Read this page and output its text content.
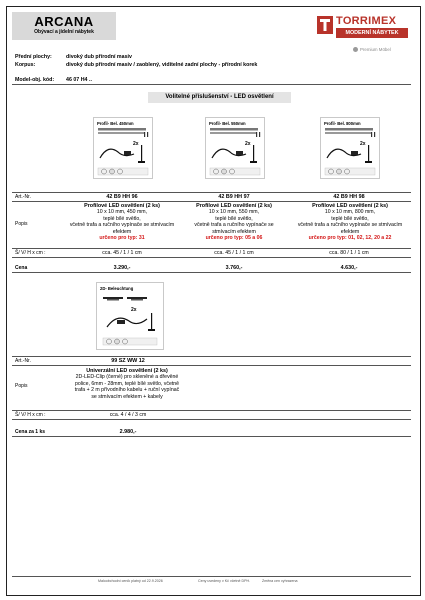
ARCANA
Obývací a jídelní nábytek
TORRIMEX
MODERNÍ NÁBYTEK
Premium Möbel
Přední plochy:	divoký dub přírodní masiv
Korpus:	divoký dub přírodní masiv / zaoblený, viditelné zadní plochy - přírodní korek
Model-obj. kód: 46 07 H4 ..
Volitelné příslušenství - LED osvětlení
Profil- Bel. 450mm
2x
Profil- Bel. 550mm
2x
Profil- Bel. 800mm
2x
Art.-Nr.	42 B9 HH 96	42 B9 HH 97	42 B9 HH 98
Popis
Profilové LED osvětlení (2 ks)
10 x 10 mm, 450 mm,
teplé bílé světlo,
včetně trafa a ručního vypínače se stmívacím
efektem
určeno pro typ: 31
Profilové LED osvětlení (2 ks)
10 x 10 mm, 550 mm,
teplé bílé světlo,
včetně trafa a ručního vypínače se
stmívacím efektem
určeno pro typ: 05 a 06
Profilové LED osvětlení (2 ks)
10 x 10 mm, 800 mm,
teplé bílé světlo,
včetně trafa a ručního vypínače se stmívacím
efektem
určeno pro typ: 01, 02, 12, 20 a 22
Š/ V/ H x cm :	cca. 45 / 1 / 1 cm	cca. 45 / 1 / 1 cm	cca. 80 / 1 / 1 cm
Cena	3.290,-	3.760,-	4.630,-
2D- Beleuchtung
2x
Art.-Nr.	99 SZ WW 12
Popis
Univerzální LED osvětlení (2 ks)
2D-LED-Clip (černé) pro skleněné a dřevěné
police, 6mm - 28mm, teplé bílé světlo, včetně
trafa + 2 m přívodního kabelu + ruční vypínač
se stmívacím efektem + kabely
Š/ V/ H x cm :	cca. 4 / 4 / 3 cm
Cena za 1 ks	2.980,-
Maloobchodní ceník platný od 22.9.2026	Ceny uvedeny v Kč včetně DPH.	Změna cen vyhrazena
